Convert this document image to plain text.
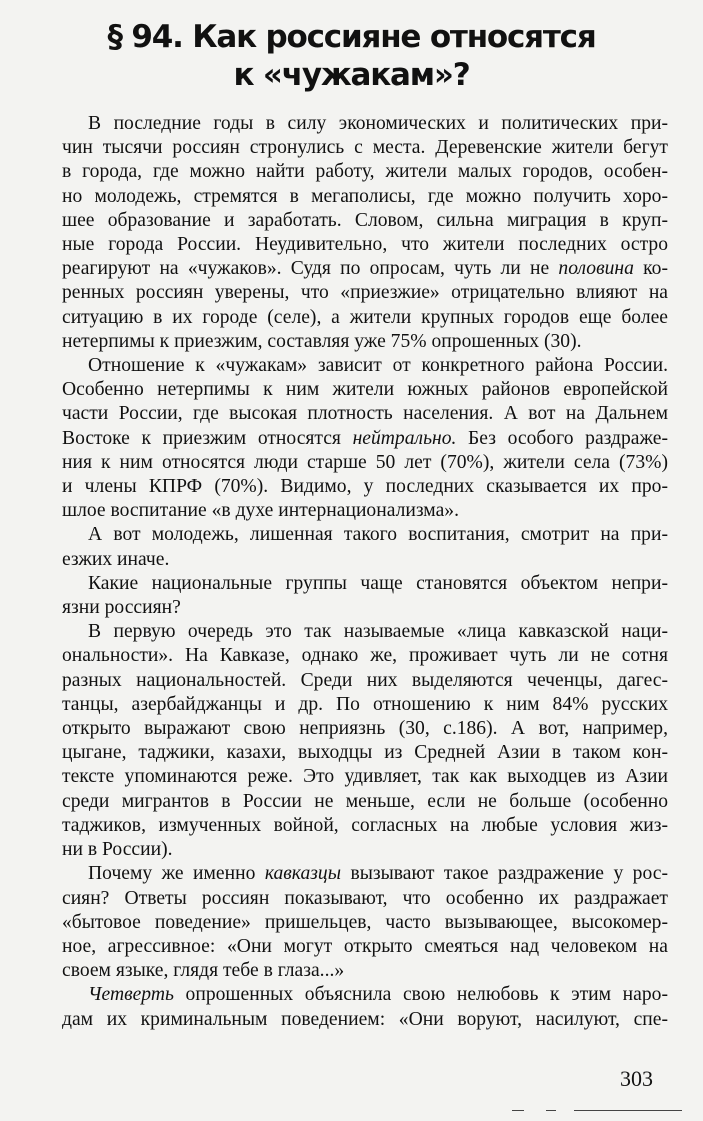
§ 94. Как россияне относятся
к «чужакам»?

В последние годы в силу экономических и политических при-
чин тысячи россиян стронулись с места. Деревенские жители бегут
в города, где можно найти работу, жители малых городов, особен-
но молодежь, стремятся в мегаполисы, где можно получить хоро-
шее образование и заработать. Словом, сильна миграция в круп-
ные города России. Неудивительно, что жители последних остро
реагируют на «чужаков». Судя по опросам, чуть ли не половина ко-
ренных россиян уверены, что «приезжие» отрицательно влияют на
ситуацию в их городе (селе), а жители крупных городов еще более
нетерпимы к приезжим, составляя уже 75% опрошенных (30).

Отношение к «чужакам» зависит от конкретного района России.
Особенно нетерпимы к ним жители южных районов европейской
части России, где высокая плотность населения. А вот на Дальнем
Востоке к приезжим относятся нейтрально. Без особого раздраже-
ния к ним относятся люди старше 50 лет (70%), жители села (73%)
и члены КПРФ (70%). Видимо, у последних сказывается их про-
шлое воспитание «в духе интернационализма».

А вот молодежь, лишенная такого воспитания, смотрит на при-
езжих иначе.

Какие национальные группы чаще становятся объектом непри-
язни россиян?

В первую очередь это так называемые «лица кавказской наци-
ональности». На Кавказе, однако же, проживает чуть ли не сотня
разных национальностей. Среди них выделяются чеченцы, дагес-
танцы, азербайджанцы и др. По отношению к ним 84% русских
открыто выражают свою неприязнь (30, с.186). А вот, например,
цыгане, таджики, казахи, выходцы из Средней Азии в таком кон-
тексте упоминаются реже. Это удивляет, так как выходцев из Азии
среди мигрантов в России не меньше, если не больше (особенно
таджиков, измученных войной, согласных на любые условия жиз-
ни в России).

Почему же именно кавказцы вызывают такое раздражение у рос-
сиян? Ответы россиян показывают, что особенно их раздражает
«бытовое поведение» пришельцев, часто вызывающее, высокомер-
ное, агрессивное: «Они могут открыто смеяться над человеком на
своем языке, глядя тебе в глаза...»

Четверть опрошенных объяснила свою нелюбовь к этим наро-
дам их криминальным поведением: «Они воруют, насилуют, спе-

303
